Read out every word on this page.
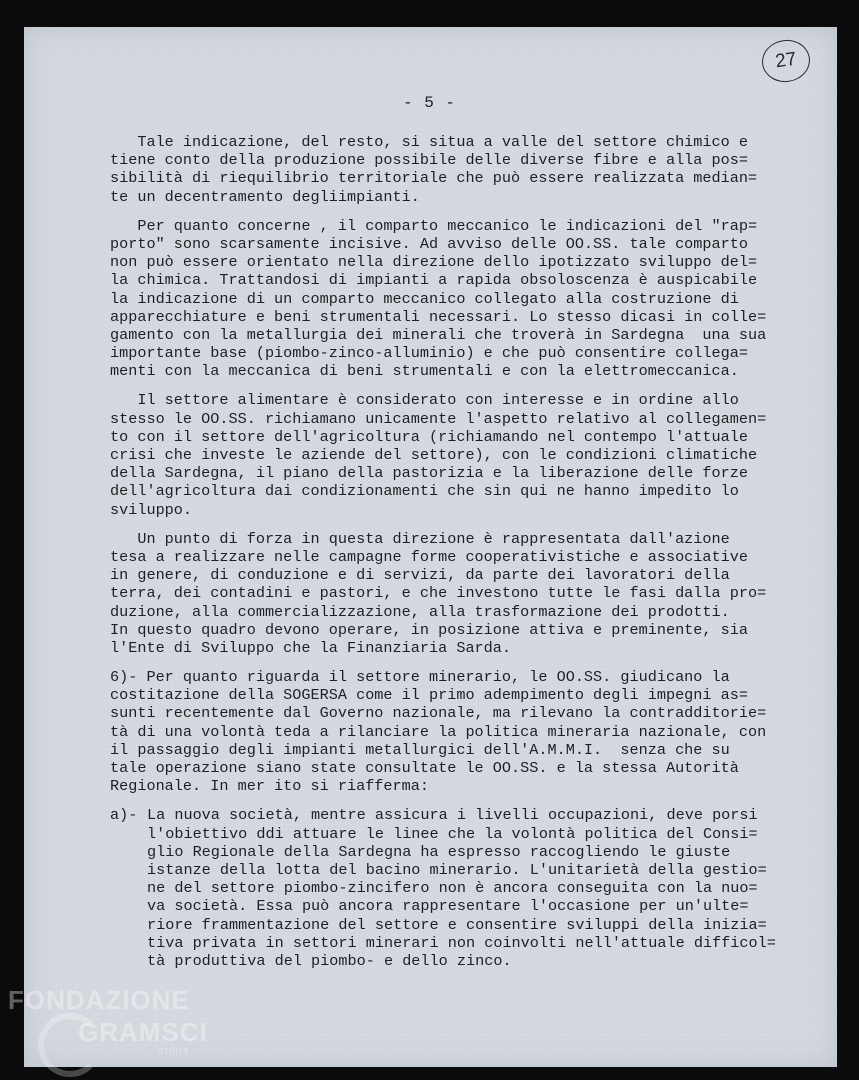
27
- 5 -
Tale indicazione, del resto, si situa a valle del settore chimico e
tiene conto della produzione possibile delle diverse fibre e alla pos=
sibilità di riequilibrio territoriale che può essere realizzata median=
te un decentramento degliimpianti.
Per quanto concerne , il comparto meccanico le indicazioni del "rap=
porto" sono scarsamente incisive. Ad avviso delle OO.SS. tale comparto
non può essere orientato nella direzione dello ipotizzato sviluppo del=
la chimica. Trattandosi di impianti a rapida obsoloscenza è auspicabile
la indicazione di un comparto meccanico collegato alla costruzione di
apparecchiature e beni strumentali necessari. Lo stesso dicasi in colle=
gamento con la metallurgia dei minerali che troverà in Sardegna  una sua
importante base (piombo-zinco-alluminio) e che può consentire collega=
menti con la meccanica di beni strumentali e con la elettromeccanica.
Il settore alimentare è considerato con interesse e in ordine allo
stesso le OO.SS. richiamano unicamente l'aspetto relativo al collegamen=
to con il settore dell'agricoltura (richiamando nel contempo l'attuale
crisi che investe le aziende del settore), con le condizioni climatiche
della Sardegna, il piano della pastorizia e la liberazione delle forze
dell'agricoltura dai condizionamenti che sin qui ne hanno impedito lo
sviluppo.
Un punto di forza in questa direzione è rappresentata dall'azione
tesa a realizzare nelle campagne forme cooperativistiche e associative
in genere, di conduzione e di servizi, da parte dei lavoratori della
terra, dei contadini e pastori, e che investono tutte le fasi dalla pro=
duzione, alla commercializzazione, alla trasformazione dei prodotti.
In questo quadro devono operare, in posizione attiva e preminente, sia
l'Ente di Sviluppo che la Finanziaria Sarda.
6)- Per quanto riguarda il settore minerario, le OO.SS. giudicano la
costitazione della SOGERSA come il primo adempimento degli impegni as=
sunti recentemente dal Governo nazionale, ma rilevano la contradditorie=
tà di una volontà teda a rilanciare la politica mineraria nazionale, con
il passaggio degli impianti metallurgici dell'A.M.M.I.  senza che su
tale operazione siano state consultate le OO.SS. e la stessa Autorità
Regionale. In mer ito si riafferma:
a)- La nuova società, mentre assicura i livelli occupazioni, deve porsi
l'obiettivo ddi attuare le linee che la volontà politica del Consi=
glio Regionale della Sardegna ha espresso raccogliendo le giuste
istanze della lotta del bacino minerario. L'unitarietà della gestio=
ne del settore piombo-zincifero non è ancora conseguita con la nuo=
va società. Essa può ancora rappresentare l'occasione per un'ulte=
riore frammentazione del settore e consentire sviluppi della inizia=
tiva privata in settori minerari non coinvolti nell'attuale difficol=
tà produttiva del piombo- e dello zinco.
FONDAZIONE
GRAMSCI
onlus
